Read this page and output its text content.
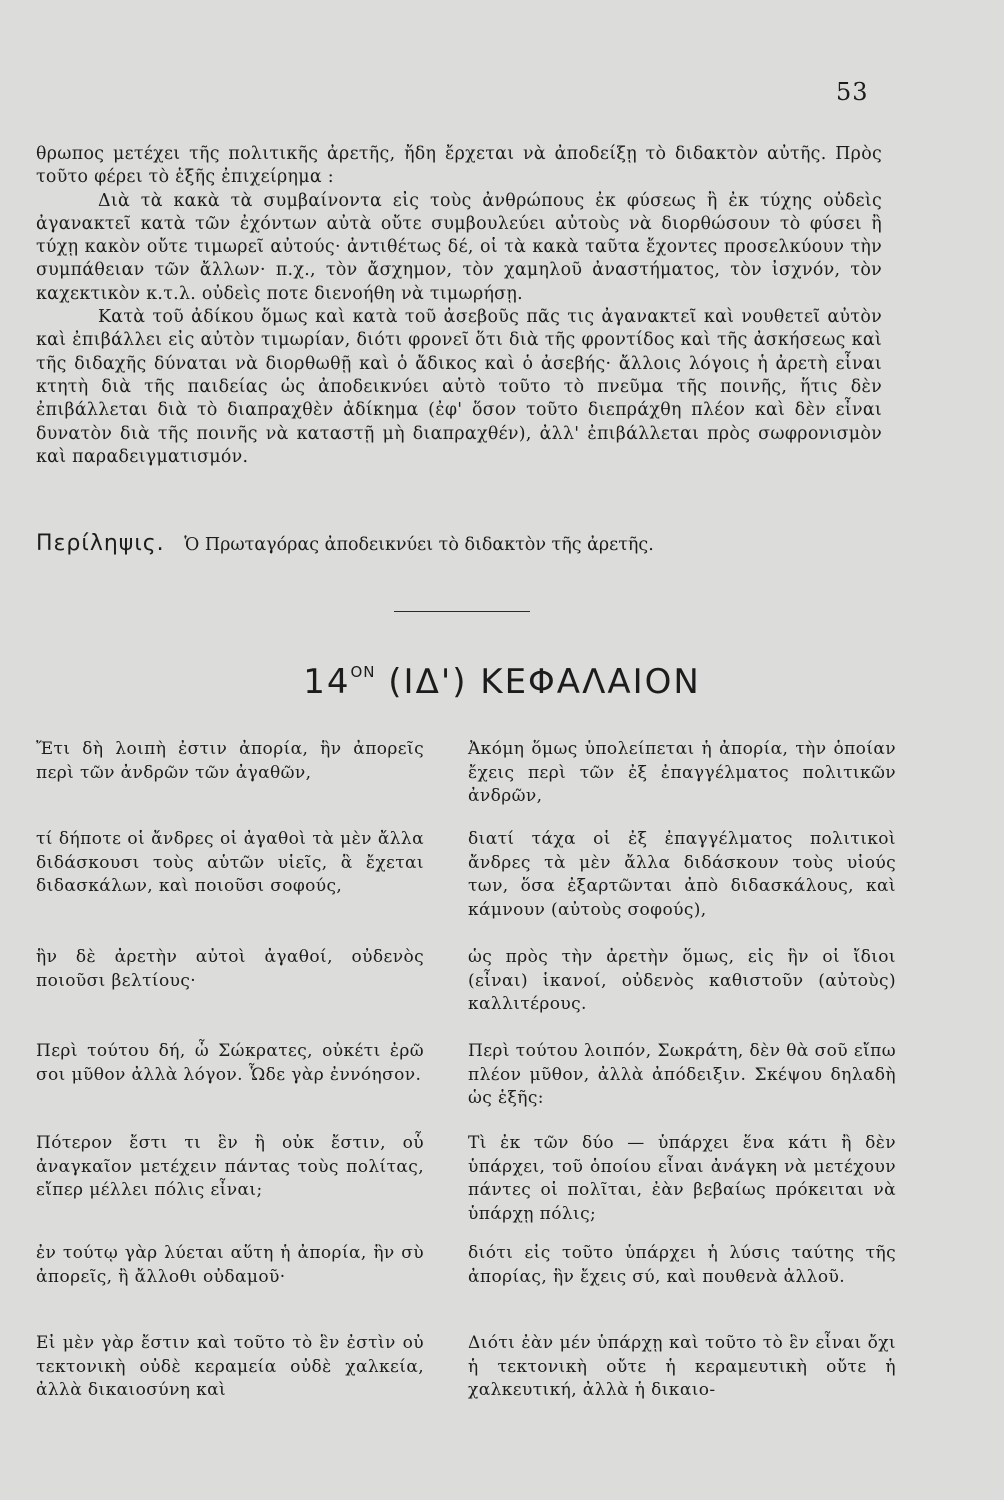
53

θρωπος μετέχει τῆς πολιτικῆς ἀρετῆς, ἤδη ἔρχεται νὰ ἀποδείξῃ τὸ διδακτὸν αὐτῆς. Πρὸς τοῦτο φέρει τὸ ἑξῆς ἐπιχείρημα :

Διὰ τὰ κακὰ τὰ συμβαίνοντα εἰς τοὺς ἀνθρώπους ἐκ φύσεως ἢ ἐκ τύχης οὐδεὶς ἀγανακτεῖ κατὰ τῶν ἐχόντων αὐτὰ οὔτε συμβουλεύει αὐτοὺς νὰ διορθώσουν τὸ φύσει ἢ τύχῃ κακὸν οὔτε τιμωρεῖ αὐτούς· ἀντιθέτως δέ, οἱ τὰ κακὰ ταῦτα ἔχοντες προσελκύουν τὴν συμπάθειαν τῶν ἄλλων· π.χ., τὸν ἄσχημον, τὸν χαμηλοῦ ἀναστήματος, τὸν ἰσχνόν, τὸν καχεκτικὸν κ.τ.λ. οὐδεὶς ποτε διενοήθη νὰ τιμωρήσῃ.

Κατὰ τοῦ ἀδίκου ὅμως καὶ κατὰ τοῦ ἀσεβοῦς πᾶς τις ἀγανακτεῖ καὶ νουθετεῖ αὐτὸν καὶ ἐπιβάλλει εἰς αὐτὸν τιμωρίαν, διότι φρονεῖ ὅτι διὰ τῆς φροντίδος καὶ τῆς ἀσκήσεως καὶ τῆς διδαχῆς δύναται νὰ διορθωθῇ καὶ ὁ ἄδικος καὶ ὁ ἀσεβής· ἄλλοις λόγοις ἡ ἀρετὴ εἶναι κτητὴ διὰ τῆς παιδείας ὡς ἀποδεικνύει αὐτὸ τοῦτο τὸ πνεῦμα τῆς ποινῆς, ἥτις δὲν ἐπιβάλλεται διὰ τὸ διαπραχθὲν ἀδίκημα (ἐφ' ὅσον τοῦτο διεπράχθη πλέον καὶ δὲν εἶναι δυνατὸν διὰ τῆς ποινῆς νὰ καταστῇ μὴ διαπραχθέν), ἀλλ' ἐπιβάλλεται πρὸς σωφρονισμὸν καὶ παραδειγματισμόν.

Περίληψις. Ὁ Πρωταγόρας ἀποδεικνύει τὸ διδακτὸν τῆς ἀρετῆς.
$14^{ON}$ (ΙΔ') ΚΕΦΑΛΑΙΟΝ
Ἔτι δὴ λοιπὴ ἐστιν ἀπορία, ἣν ἀπορεῖς περὶ τῶν ἀνδρῶν τῶν ἀγαθῶν,
Ἀκόμη ὅμως ὑπολείπεται ἡ ἀπορία, τὴν ὁποίαν ἔχεις περὶ τῶν ἐξ ἐπαγγέλματος πολιτικῶν ἀνδρῶν,
τί δήποτε οἱ ἄνδρες οἱ ἀγαθοὶ τὰ μὲν ἄλλα διδάσκουσι τοὺς αὑτῶν υἱεῖς, ἃ ἔχεται διδασκάλων, καὶ ποιοῦσι σοφούς,
διατί τάχα οἱ ἐξ ἐπαγγέλματος πολιτικοὶ ἄνδρες τὰ μὲν ἄλλα διδάσκουν τοὺς υἱούς των, ὅσα ἐξαρτῶνται ἀπὸ διδασκάλους, καὶ κάμνουν (αὐτοὺς σοφούς),
ἣν δὲ ἀρετὴν αὐτοὶ ἀγαθοί, οὐδενὸς ποιοῦσι βελτίους·
ὡς πρὸς τὴν ἀρετὴν ὅμως, εἰς ἣν οἱ ἴδιοι (εἶναι) ἱκανοί, οὐδενὸς καθιστοῦν (αὐτοὺς) καλλιτέρους.
Περὶ τούτου δή, ὦ Σώκρατες, οὐκέτι ἐρῶ σοι μῦθον ἀλλὰ λόγον. Ὧδε γὰρ ἐννόησον.
Περὶ τούτου λοιπόν, Σωκράτη, δὲν θὰ σοῦ εἴπω πλέον μῦθον, ἀλλὰ ἀπόδειξιν. Σκέψου δηλαδὴ ὡς ἑξῆς:
Πότερον ἔστι τι ἓν ἢ οὐκ ἔστιν, οὗ ἀναγκαῖον μετέχειν πάντας τοὺς πολίτας, εἴπερ μέλλει πόλις εἶναι;
Τὶ ἐκ τῶν δύο — ὑπάρχει ἕνα κάτι ἢ δὲν ὑπάρχει, τοῦ ὁποίου εἶναι ἀνάγκη νὰ μετέχουν πάντες οἱ πολῖται, ἐὰν βεβαίως πρόκειται νὰ ὑπάρχῃ πόλις;
ἐν τούτῳ γὰρ λύεται αὕτη ἡ ἀπορία, ἣν σὺ ἀπορεῖς, ἢ ἄλλοθι οὐδαμοῦ·
διότι εἰς τοῦτο ὑπάρχει ἡ λύσις ταύτης τῆς ἀπορίας, ἣν ἔχεις σύ, καὶ πουθενὰ ἀλλοῦ.
Εἰ μὲν γὰρ ἔστιν καὶ τοῦτο τὸ ἓν ἐστὶν οὐ τεκτονικὴ οὐδὲ κεραμεία οὐδὲ χαλκεία, ἀλλὰ δικαιοσύνη καὶ
Διότι ἐὰν μέν ὑπάρχῃ καὶ τοῦτο τὸ ἓν εἶναι ὄχι ἡ τεκτονικὴ οὔτε ἡ κεραμευτικὴ οὔτε ἡ χαλκευτική, ἀλλὰ ἡ δικαιο-
